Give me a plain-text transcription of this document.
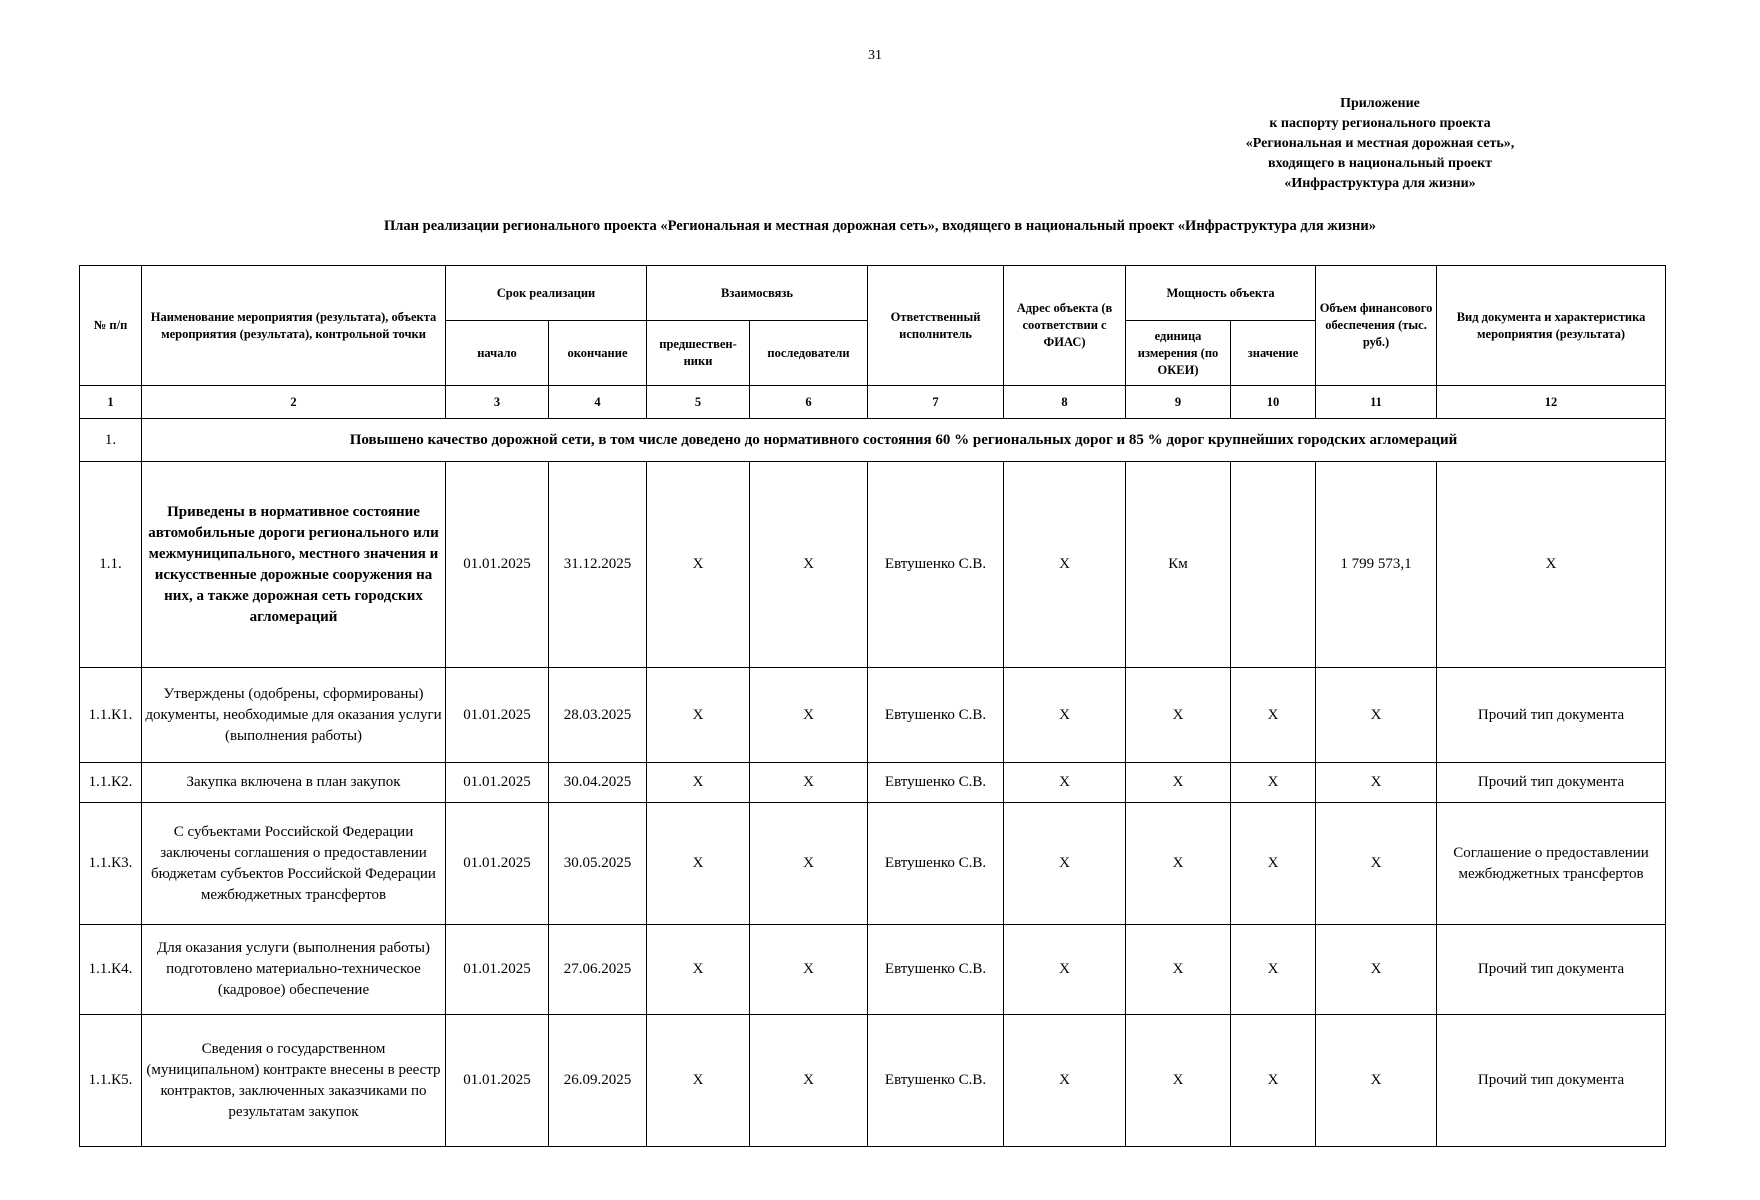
31
Приложение
к паспорту регионального проекта
«Региональная и местная дорожная сеть»,
входящего в национальный проект
«Инфраструктура для жизни»
План реализации регионального проекта «Региональная и местная дорожная сеть», входящего в национальный проект «Инфраструктура для жизни»
№ п/п	Наименование мероприятия (результата), объекта мероприятия (результата), контрольной точки	Срок реализации		Взаимосвязь		Ответственный исполнитель	Адрес объекта (в соответствии с ФИАС)	Мощность объекта		Объем финансового обеспечения (тыс. руб.)	Вид документа и характеристика мероприятия (результата)
		начало	окончание	предшествен-ники	последователи			единица измерения (по ОКЕИ)	значение		
1	2	3	4	5	6	7	8	9	10	11	12
1.	Повышено качество дорожной сети, в том числе доведено до нормативного состояния 60 % региональных дорог и 85 % дорог крупнейших городских агломераций										
1.1.	Приведены в нормативное состояние автомобильные дороги регионального или межмуниципального, местного значения и искусственные дорожные сооружения на них, а также дорожная сеть городских агломераций	01.01.2025	31.12.2025	X	X	Евтушенко С.В.	X	Км		1 799 573,1	X
1.1.К1.	Утверждены (одобрены, сформированы) документы, необходимые для оказания услуги (выполнения работы)	01.01.2025	28.03.2025	X	X	Евтушенко С.В.	X	X	X	X	Прочий тип документа
1.1.К2.	Закупка включена в план закупок	01.01.2025	30.04.2025	X	X	Евтушенко С.В.	X	X	X	X	Прочий тип документа
1.1.К3.	С субъектами Российской Федерации заключены соглашения о предоставлении бюджетам субъектов Российской Федерации межбюджетных трансфертов	01.01.2025	30.05.2025	X	X	Евтушенко С.В.	X	X	X	X	Соглашение о предоставлении межбюджетных трансфертов
1.1.К4.	Для оказания услуги (выполнения работы) подготовлено материально-техническое (кадровое) обеспечение	01.01.2025	27.06.2025	X	X	Евтушенко С.В.	X	X	X	X	Прочий тип документа
1.1.К5.	Сведения о государственном (муниципальном) контракте внесены в реестр контрактов, заключенных заказчиками по результатам закупок	01.01.2025	26.09.2025	X	X	Евтушенко С.В.	X	X	X	X	Прочий тип документа
